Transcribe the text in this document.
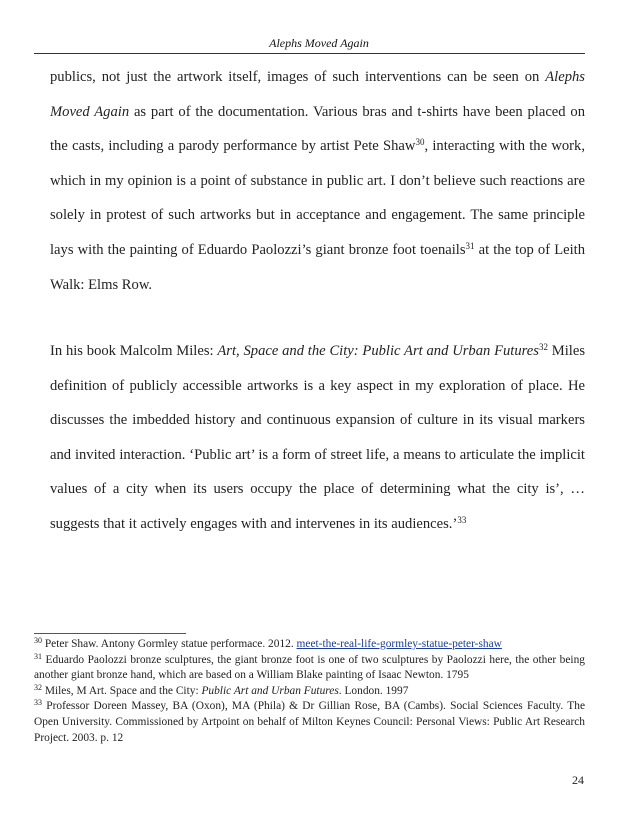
Alephs Moved Again
publics, not just the artwork itself, images of such interventions can be seen on Alephs Moved Again as part of the documentation. Various bras and t-shirts have been placed on the casts, including a parody performance by artist Pete Shaw$^{30}$, interacting with the work, which in my opinion is a point of substance in public art. I don’t believe such reactions are solely in protest of such artworks but in acceptance and engagement. The same principle lays with the painting of Eduardo Paolozzi’s giant bronze foot toenails$^{31}$ at the top of Leith Walk: Elms Row.
In his book Malcolm Miles: Art, Space and the City: Public Art and Urban Futures$^{32}$ Miles definition of publicly accessible artworks is a key aspect in my exploration of place. He discusses the imbedded history and continuous expansion of culture in its visual markers and invited interaction. ‘Public art’ is a form of street life, a means to articulate the implicit values of a city when its users occupy the place of determining what the city is’, … suggests that it actively engages with and intervenes in its audiences.’$^{33}$

$^{30}$ Peter Shaw. Antony Gormley statue performace. 2012. meet-the-real-life-gormley-statue-peter-shaw

$^{31}$ Eduardo Paolozzi bronze sculptures, the giant bronze foot is one of two sculptures by Paolozzi here, the other being another giant bronze hand, which are based on a William Blake painting of Isaac Newton. 1795

$^{32}$ Miles, M Art. Space and the City: Public Art and Urban Futures. London. 1997

$^{33}$ Professor Doreen Massey, BA (Oxon), MA (Phila) & Dr Gillian Rose, BA (Cambs). Social Sciences Faculty. The Open University. Commissioned by Artpoint on behalf of Milton Keynes Council: Personal Views: Public Art Research Project. 2003. p. 12

24
